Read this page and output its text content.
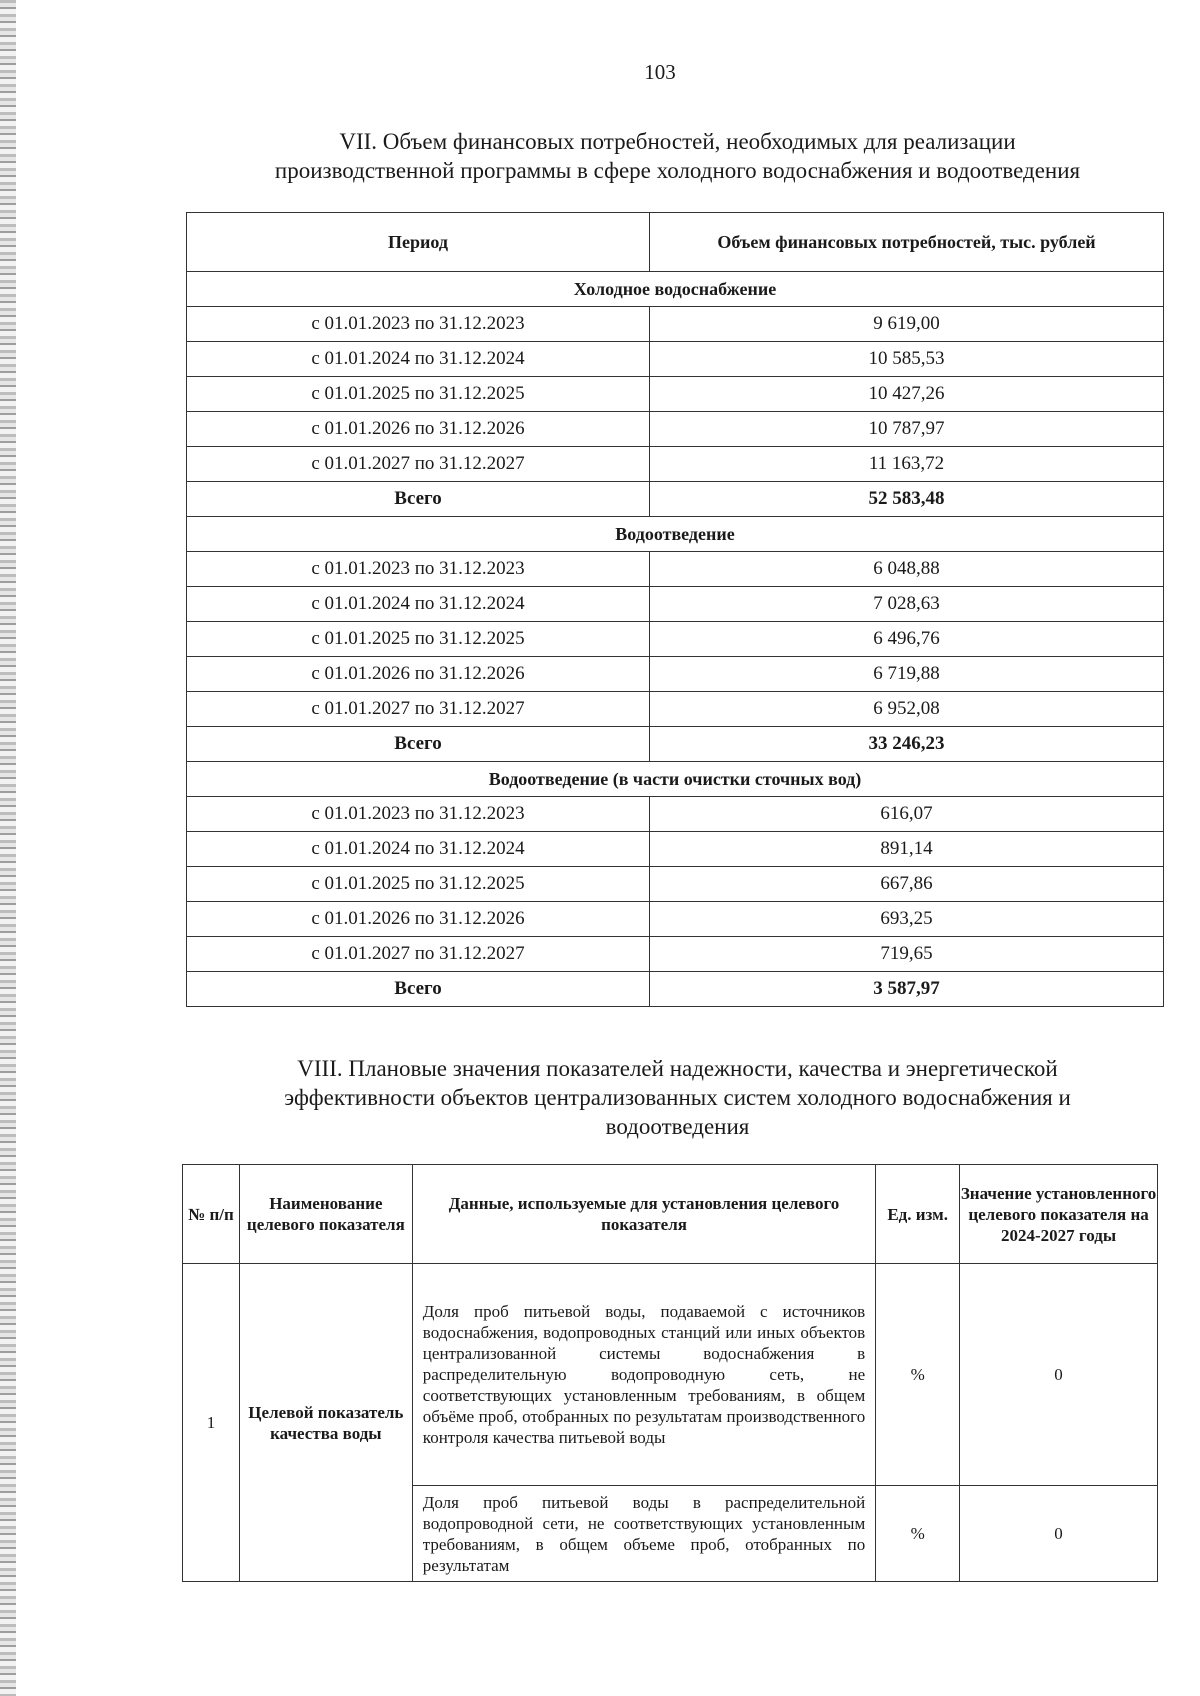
103
VII. Объем финансовых потребностей, необходимых для реализации
производственной программы в сфере холодного водоснабжения и водоотведения
Период	Объем финансовых потребностей, тыс. рублей
Холодное водоснабжение	
с 01.01.2023 по 31.12.2023	9 619,00
с 01.01.2024 по 31.12.2024	10 585,53
с 01.01.2025 по 31.12.2025	10 427,26
с 01.01.2026 по 31.12.2026	10 787,97
с 01.01.2027 по 31.12.2027	11 163,72
Всего	52 583,48
Водоотведение	
с 01.01.2023 по 31.12.2023	6 048,88
с 01.01.2024 по 31.12.2024	7 028,63
с 01.01.2025 по 31.12.2025	6 496,76
с 01.01.2026 по 31.12.2026	6 719,88
с 01.01.2027 по 31.12.2027	6 952,08
Всего	33 246,23
Водоотведение (в части очистки сточных вод)	
с 01.01.2023 по 31.12.2023	616,07
с 01.01.2024 по 31.12.2024	891,14
с 01.01.2025 по 31.12.2025	667,86
с 01.01.2026 по 31.12.2026	693,25
с 01.01.2027 по 31.12.2027	719,65
Всего	3 587,97
VIII. Плановые значения показателей надежности, качества и энергетической
эффективности объектов централизованных систем холодного водоснабжения и
водоотведения
№ п/п	Наименование целевого показателя	Данные, используемые для установления целевого показателя	Ед. изм.	Значение установленного целевого показателя на 2024-2027 годы
1	Целевой показатель качества воды	Доля проб питьевой воды, подаваемой с источников водоснабжения, водопроводных станций или иных объектов централизованной системы водоснабжения в распределительную водопроводную сеть, не соответствующих установленным требованиям, в общем объёме проб, отобранных по результатам производственного контроля качества питьевой воды	%	0
		Доля проб питьевой воды в распределительной водопроводной сети, не соответствующих установленным требованиям, в общем объеме проб, отобранных по результатам	%	0
